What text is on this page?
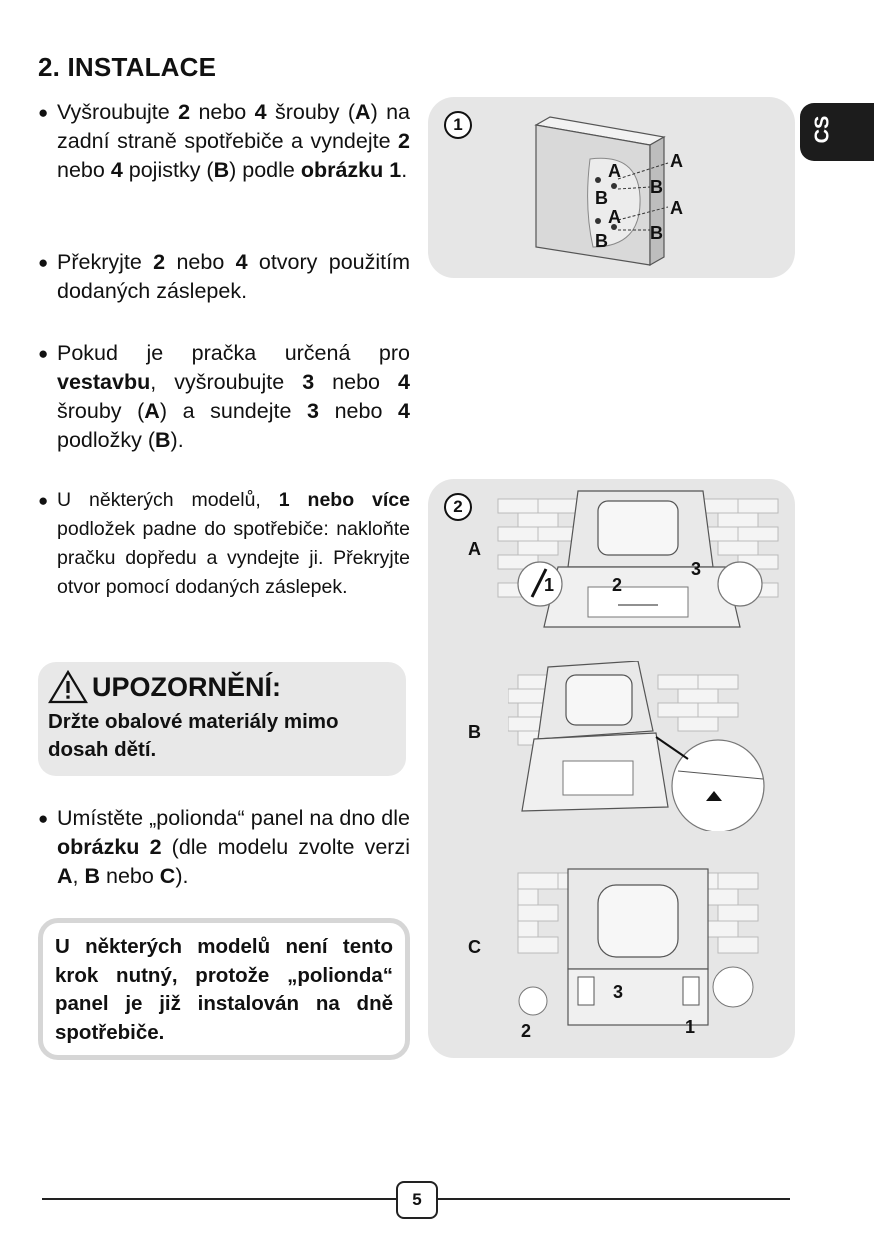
2. INSTALACE
CS
● Vyšroubujte 2 nebo 4 šrouby (A) na zadní straně spotřebiče a vyndejte 2 nebo 4 pojistky (B) podle obrázku 1.

● Překryjte 2 nebo 4 otvory použitím dodaných záslepek.

● Pokud je pračka určená pro vestavbu, vyšroubujte 3 nebo 4 šrouby (A) a sundejte 3 nebo 4 podložky (B).

● U některých modelů, 1 nebo více podložek padne do spotřebiče: nakloňte pračku dopředu a vyndejte ji. Překryjte otvor pomocí dodaných záslepek.

UPOZORNĚNÍ:
Držte obalové materiály mimo dosah dětí.
● Umístěte „polionda“ panel na dno dle obrázku 2 (dle modelu zvolte verzi A, B nebo C).

U některých modelů není tento krok nutný, protože „polionda“ panel je již instalován na dně spotřebiče.
1
A	A
B
B
A	A
B B
2
A
B
C
1	2
3
3
2	1
5
